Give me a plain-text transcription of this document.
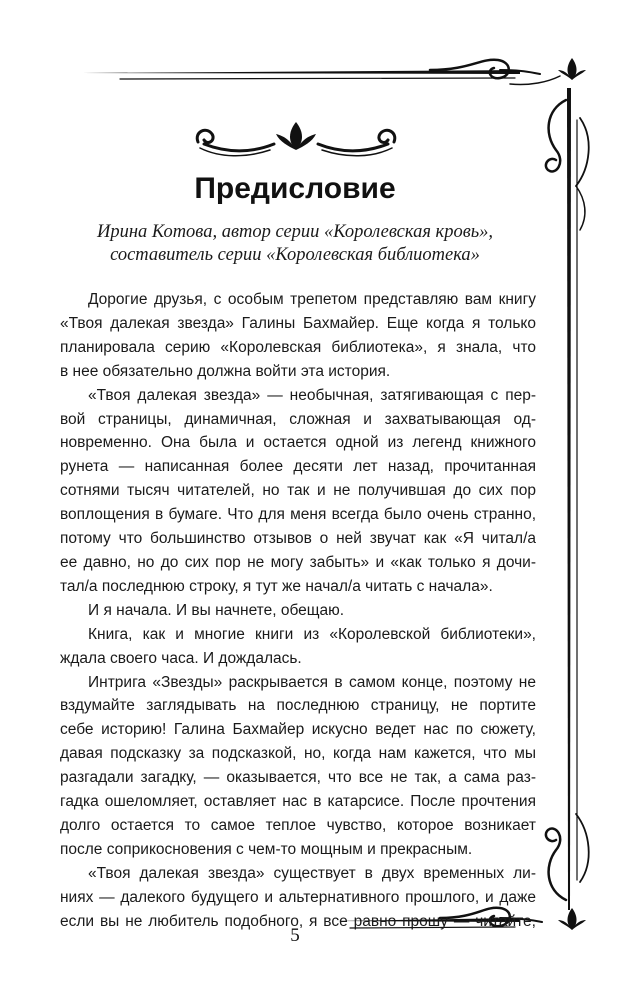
Предисловие

Ирина Котова, автор серии «Королевская кровь»,

составитель серии «Королевская библиотека»

Дорогие друзья, с особым трепетом представляю вам книгу
«Твоя далекая звезда» Галины Бахмайер. Еще когда я только
планировала серию «Королевская библиотека», я знала, что
в нее обязательно должна войти эта история.
«Твоя далекая звезда» — необычная, затягивающая с пер-
вой страницы, динамичная, сложная и захватывающая од-
новременно. Она была и остается одной из легенд книжного
рунета — написанная более десяти лет назад, прочитанная
сотнями тысяч читателей, но так и не получившая до сих пор
воплощения в бумаге. Что для меня всегда было очень странно,
потому что большинство отзывов о ней звучат как «Я читал/а
ее давно, но до сих пор не могу забыть» и «как только я дочи-
тал/а последнюю строку, я тут же начал/а читать с начала».
И я начала. И вы начнете, обещаю.
Книга, как и многие книги из «Королевской библиотеки»,
ждала своего часа. И дождалась.
Интрига «Звезды» раскрывается в самом конце, поэтому не
вздумайте заглядывать на последнюю страницу, не портите
себе историю! Галина Бахмайер искусно ведет нас по сюжету,
давая подсказку за подсказкой, но, когда нам кажется, что мы
разгадали загадку, — оказывается, что все не так, а сама раз-
гадка ошеломляет, оставляет нас в катарсисе. После прочтения
долго остается то самое теплое чувство, которое возникает
после соприкосновения с чем-то мощным и прекрасным.
«Твоя далекая звезда» существует в двух временных ли-
ниях — далекого будущего и альтернативного прошлого, и даже
если вы не любитель подобного, я все равно прошу — читайте,
5
